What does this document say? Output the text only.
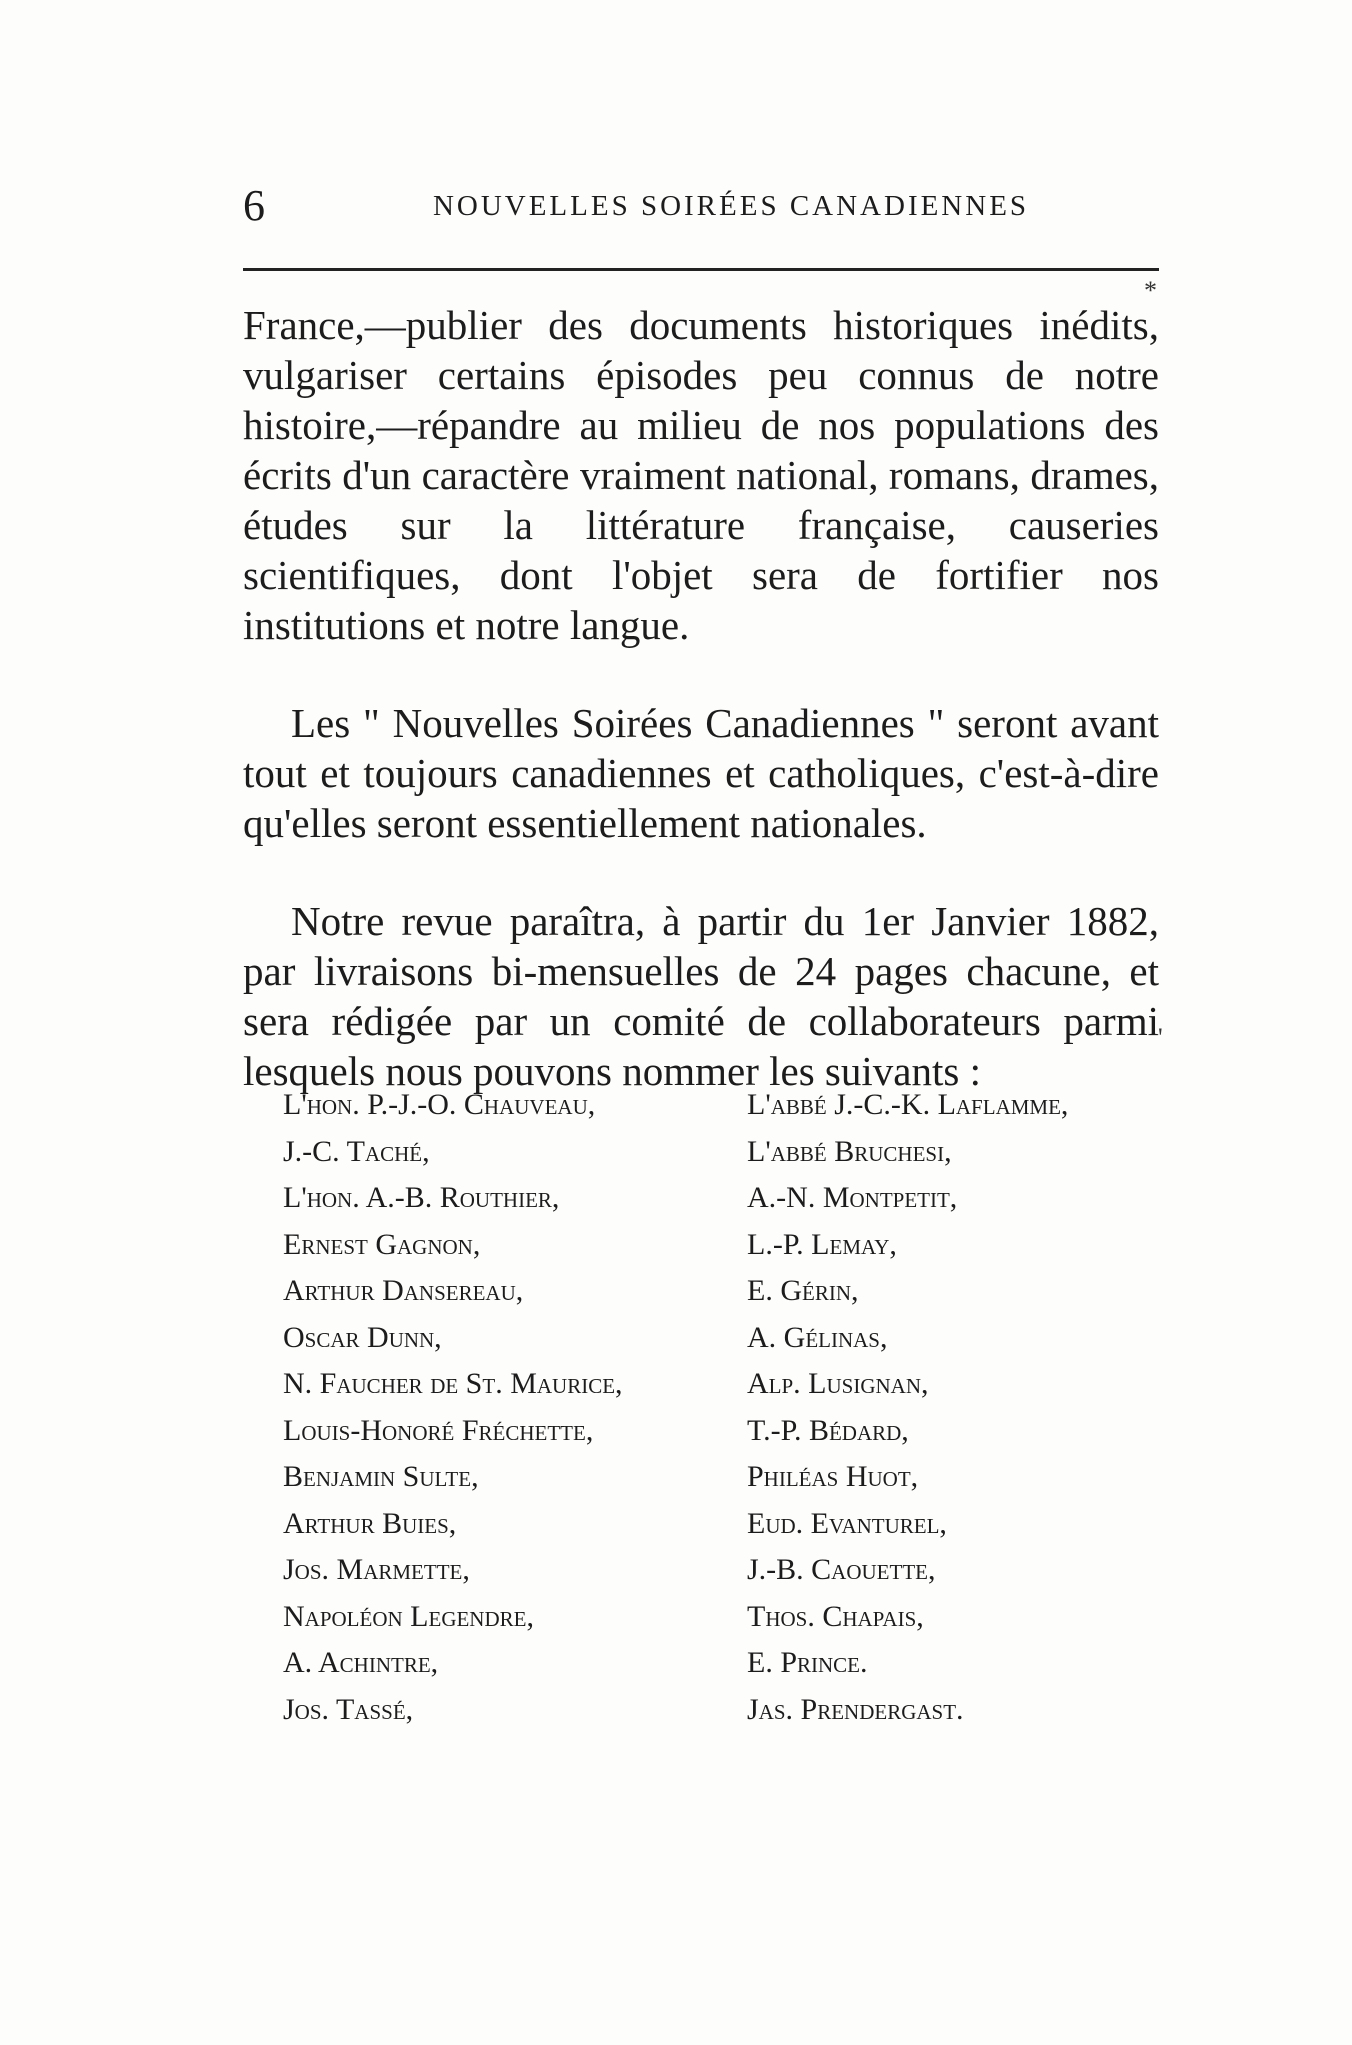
6	NOUVELLES SOIRÉES CANADIENNES
*
'

France,—publier des documents historiques inédits, vulgariser certains épisodes peu connus de notre histoire,—répandre au milieu de nos populations des écrits d'un caractère vraiment national, romans, drames, études sur la littérature française, causeries scientifiques, dont l'objet sera de fortifier nos institutions et notre langue.

Les " Nouvelles Soirées Canadiennes " seront avant tout et toujours canadiennes et catholiques, c'est-à-dire qu'elles seront essentiellement nationales.

Notre revue paraîtra, à partir du 1er Janvier 1882, par livraisons bi-mensuelles de 24 pages chacune, et sera rédigée par un comité de collaborateurs parmi lesquels nous pouvons nommer les suivants :

L'hon. P.-J.-O. Chauveau,	L'abbé J.-C.-K. Laflamme,
J.-C. Taché,	L'abbé Bruchesi,
L'hon. A.-B. Routhier,	A.-N. Montpetit,
Ernest Gagnon,	L.-P. Lemay,
Arthur Dansereau,	E. Gérin,
Oscar Dunn,	A. Gélinas,
N. Faucher de St. Maurice,	Alp. Lusignan,
Louis-Honoré Fréchette,	T.-P. Bédard,
Benjamin Sulte,	Philéas Huot,
Arthur Buies,	Eud. Evanturel,
Jos. Marmette,	J.-B. Caouette,
Napoléon Legendre,	Thos. Chapais,
A. Achintre,	E. Prince.
Jos. Tassé,	Jas. Prendergast.
